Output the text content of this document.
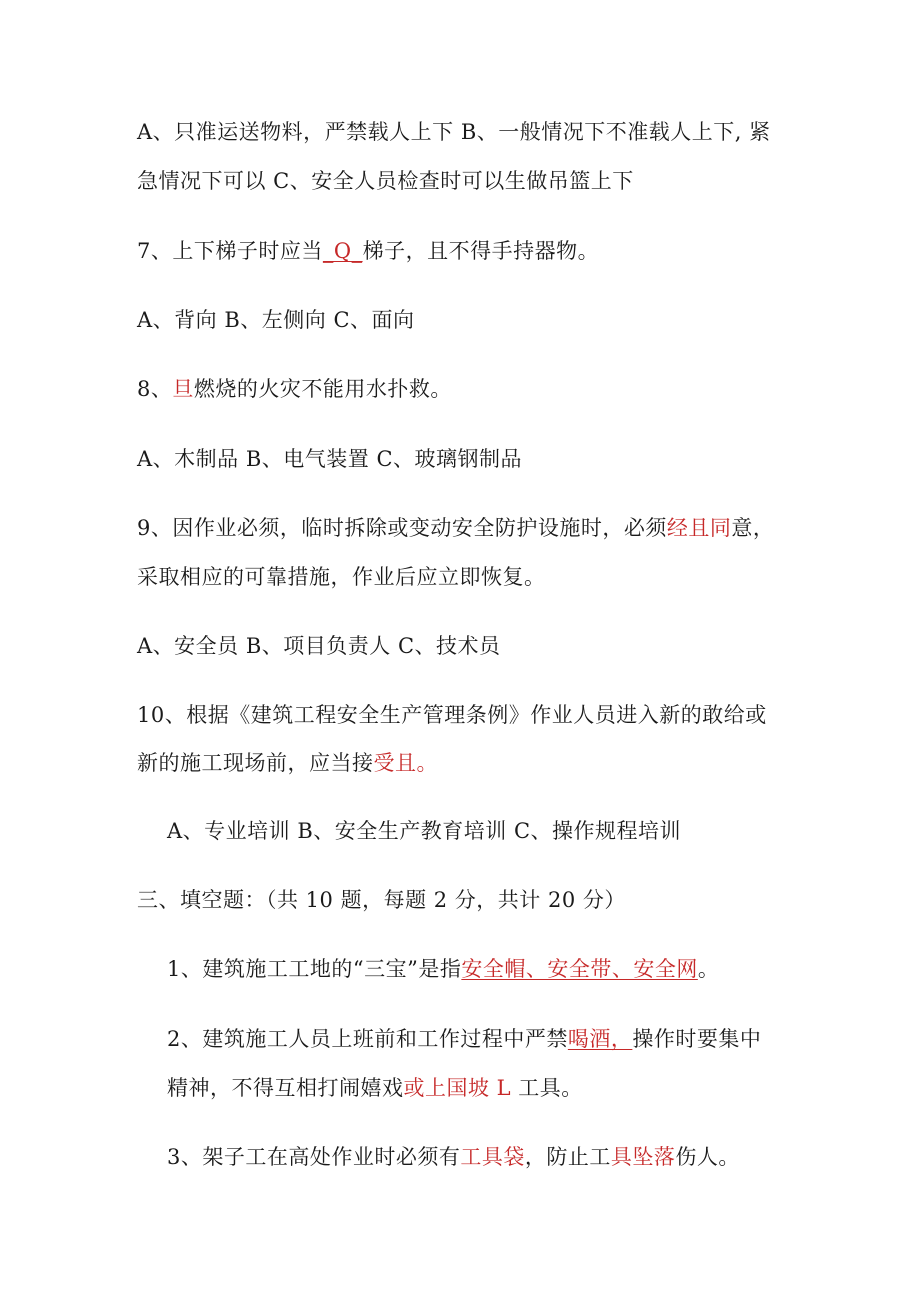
A、只准运送物料，严禁载人上下 B、一般情况下不准载人上下, 紧
急情况下可以 C、安全人员检查时可以生做吊篮上下
7、上下梯子时应当_Q_梯子，且不得手持器物。
A、背向 B、左侧向 C、面向
8、旦燃烧的火灾不能用水扑救。
A、木制品 B、电气装置 C、玻璃钢制品
9、因作业必须，临时拆除或变动安全防护设施时，必须经且同意，
采取相应的可靠措施，作业后应立即恢复。
A、安全员 B、项目负责人 C、技术员
10、根据《建筑工程安全生产管理条例》作业人员进入新的敢给或
新的施工现场前，应当接受且。
A、专业培训 B、安全生产教育培训 C、操作规程培训
三、填空题：（共 10 题，每题 2 分，共计 20 分）
1、建筑施工工地的“三宝”是指安全帽、安全带、安全网。
2、建筑施工人员上班前和工作过程中严禁喝酒，操作时要集中
精神，不得互相打闹嬉戏或上国坡 L 工具。
3、架子工在高处作业时必须有工具袋，防止工具坠落伤人。
